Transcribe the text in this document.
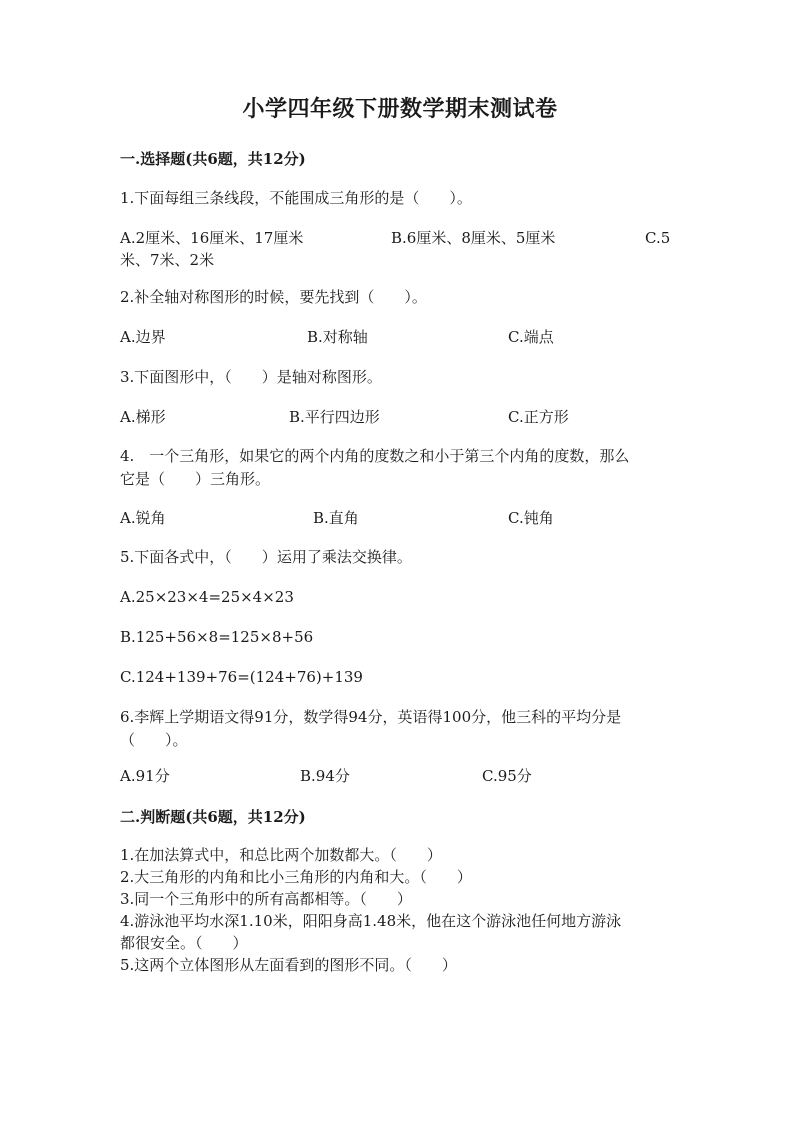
小学四年级下册数学期末测试卷
一.选择题(共6题，共12分)
1.下面每组三条线段，不能围成三角形的是（　　）。
A.2厘米、16厘米、17厘米	B.6厘米、8厘米、5厘米	C.5
米、7米、2米
2.补全轴对称图形的时候，要先找到（　　）。
A.边界	B.对称轴	C.端点
3.下面图形中，（　　）是轴对称图形。
A.梯形	B.平行四边形	C.正方形
4.　一个三角形，如果它的两个内角的度数之和小于第三个内角的度数，那么
它是（　　）三角形。
A.锐角	B.直角	C.钝角
5.下面各式中，（　　）运用了乘法交换律。
A.25×23×4=25×4×23
B.125+56×8=125×8+56
C.124+139+76=(124+76)+139
6.李辉上学期语文得91分，数学得94分，英语得100分，他三科的平均分是
（　　）。
A.91分	B.94分	C.95分
二.判断题(共6题，共12分)
1.在加法算式中，和总比两个加数都大。（　　）
2.大三角形的内角和比小三角形的内角和大。（　　）
3.同一个三角形中的所有高都相等。（　　）
4.游泳池平均水深1.10米，阳阳身高1.48米，他在这个游泳池任何地方游泳
都很安全。（　　）
5.这两个立体图形从左面看到的图形不同。（　　）
